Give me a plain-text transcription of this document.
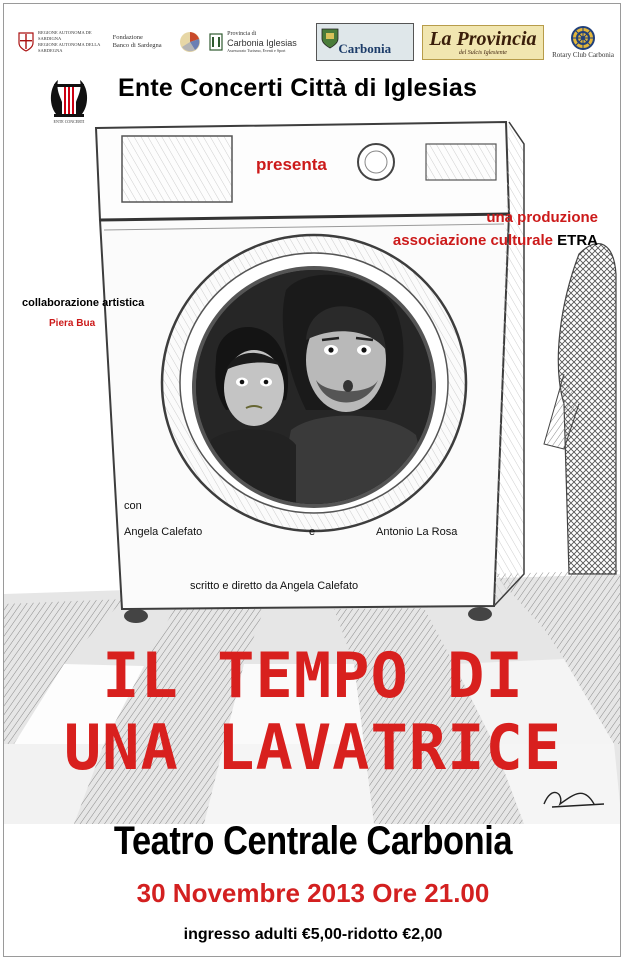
REGIONE AUTONOMA DE SARDIGNA
REGIONE AUTONOMA DELLA SARDEGNA
Fondazione
Banco di Sardegna
Provincia di
Carbonia Iglesias
Assessorato Turismo, Eventi e Sport	Carbonia	La Provincia
del Sulcis Iglesiente	Rotary Club Carbonia
ENTE CONCERTI
Ente Concerti Città di Iglesias
presenta
una produzione
associazione culturale ETRA
collaborazione artistica
Piera Bua
con
Angela Calefato	e	Antonio La Rosa
scritto e diretto da Angela Calefato
IL TEMPO DI
UNA LAVATRICE
Teatro Centrale Carbonia
30 Novembre 2013 Ore 21.00
ingresso adulti €5,00-ridotto €2,00
